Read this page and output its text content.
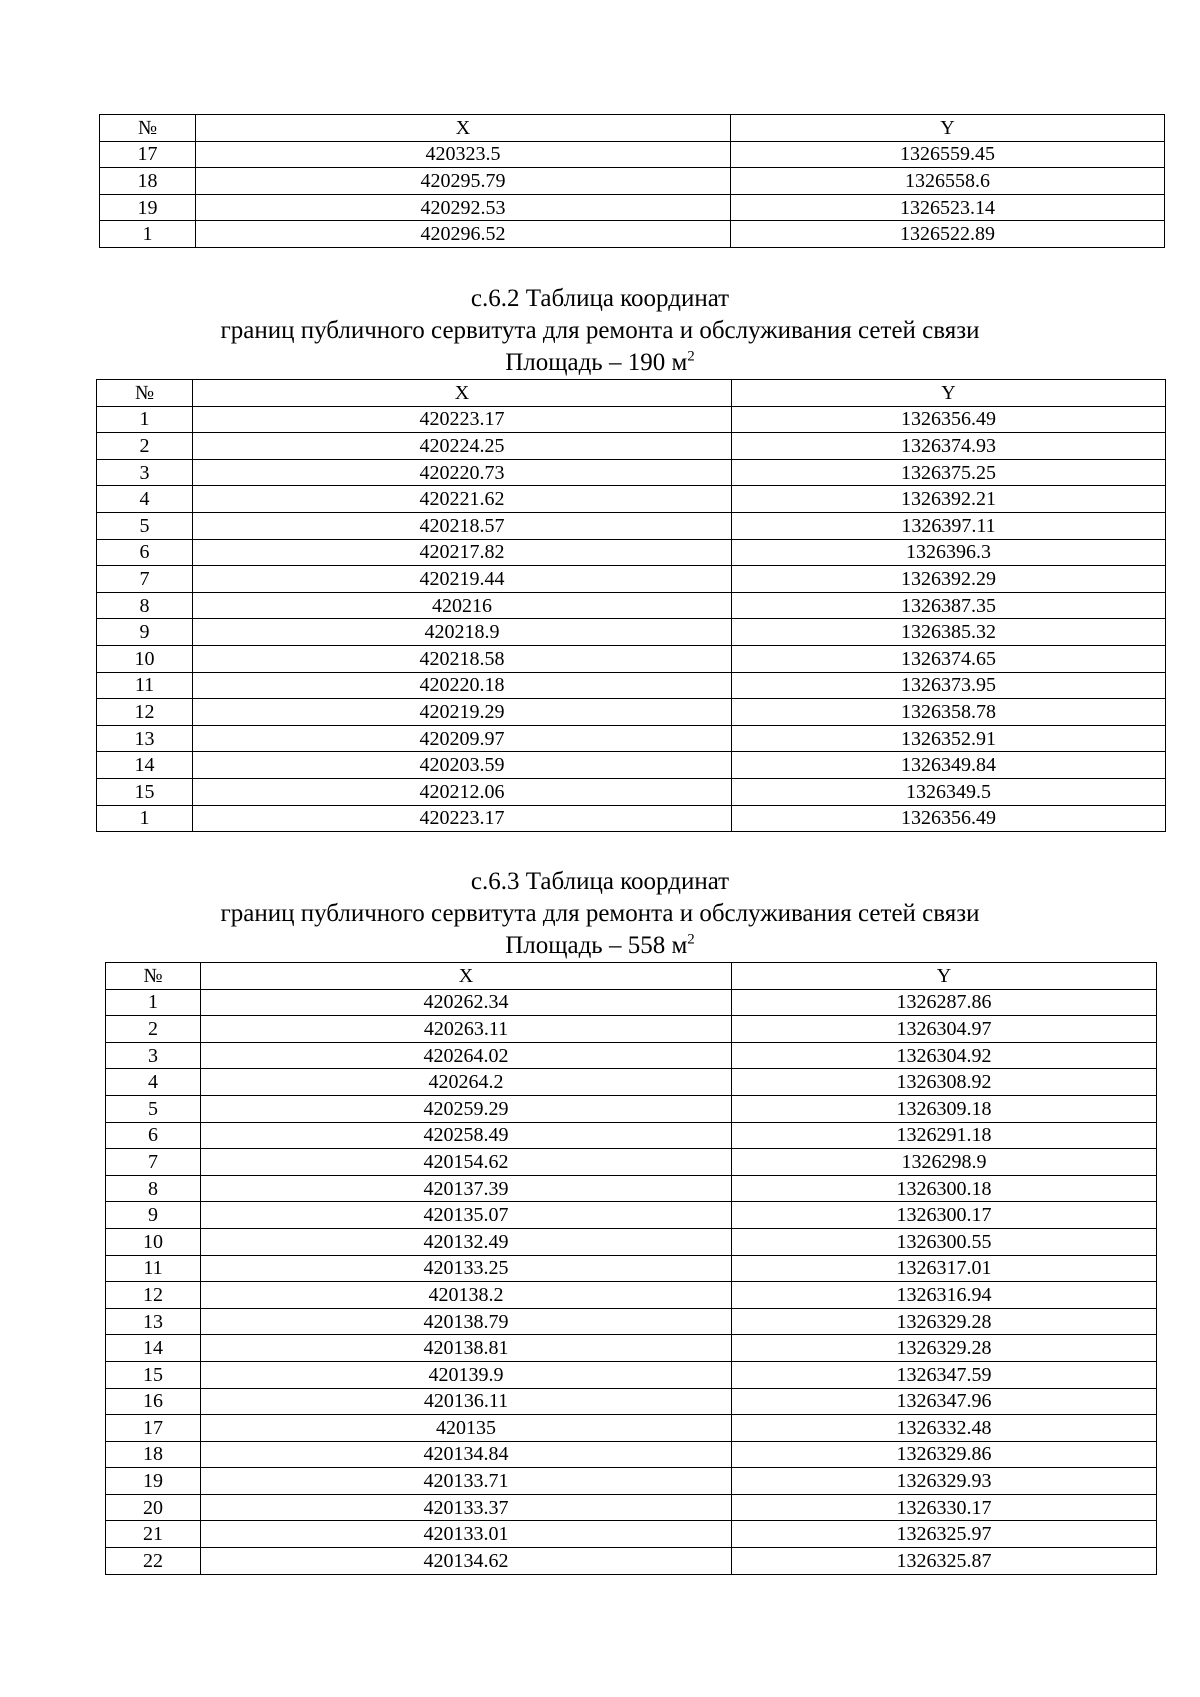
№	X	Y
17	420323.5	1326559.45
18	420295.79	1326558.6
19	420292.53	1326523.14
1	420296.52	1326522.89
с.6.2 Таблица координат
границ публичного сервитута для ремонта и обслуживания сетей связи
Площадь – 190 $м^2$
№	X	Y
1	420223.17	1326356.49
2	420224.25	1326374.93
3	420220.73	1326375.25
4	420221.62	1326392.21
5	420218.57	1326397.11
6	420217.82	1326396.3
7	420219.44	1326392.29
8	420216	1326387.35
9	420218.9	1326385.32
10	420218.58	1326374.65
11	420220.18	1326373.95
12	420219.29	1326358.78
13	420209.97	1326352.91
14	420203.59	1326349.84
15	420212.06	1326349.5
1	420223.17	1326356.49
с.6.3 Таблица координат
границ публичного сервитута для ремонта и обслуживания сетей связи
Площадь – 558 $м^2$
№	X	Y
1	420262.34	1326287.86
2	420263.11	1326304.97
3	420264.02	1326304.92
4	420264.2	1326308.92
5	420259.29	1326309.18
6	420258.49	1326291.18
7	420154.62	1326298.9
8	420137.39	1326300.18
9	420135.07	1326300.17
10	420132.49	1326300.55
11	420133.25	1326317.01
12	420138.2	1326316.94
13	420138.79	1326329.28
14	420138.81	1326329.28
15	420139.9	1326347.59
16	420136.11	1326347.96
17	420135	1326332.48
18	420134.84	1326329.86
19	420133.71	1326329.93
20	420133.37	1326330.17
21	420133.01	1326325.97
22	420134.62	1326325.87
